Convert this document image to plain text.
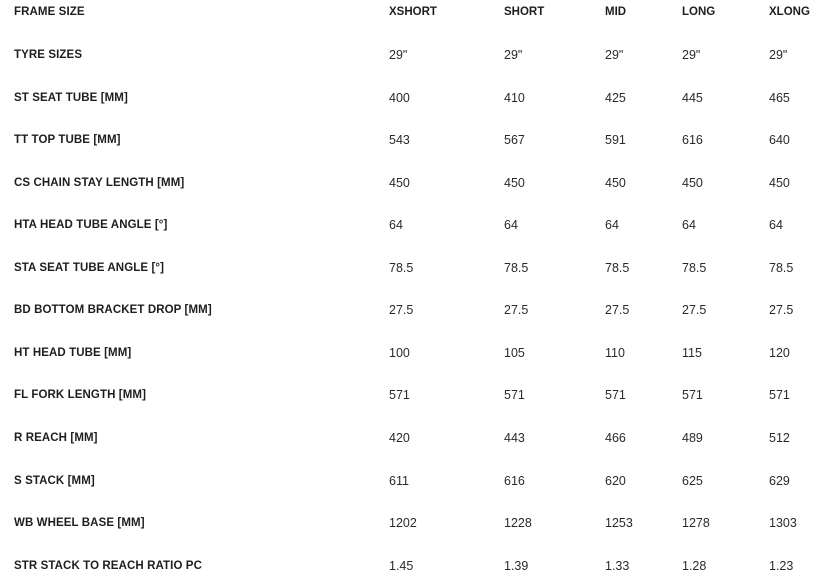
FRAME SIZE	XSHORT	SHORT	MID	LONG	XLONG
TYRE SIZES	29"	29"	29"	29"	29"
ST SEAT TUBE [MM]	400	410	425	445	465
TT TOP TUBE [MM]	543	567	591	616	640
CS CHAIN STAY LENGTH [MM]	450	450	450	450	450
HTA HEAD TUBE ANGLE [°]	64	64	64	64	64
STA SEAT TUBE ANGLE [°]	78.5	78.5	78.5	78.5	78.5
BD BOTTOM BRACKET DROP [MM]	27.5	27.5	27.5	27.5	27.5
HT HEAD TUBE [MM]	100	105	110	115	120
FL FORK LENGTH [MM]	571	571	571	571	571
R REACH [MM]	420	443	466	489	512
S STACK [MM]	611	616	620	625	629
WB WHEEL BASE [MM]	1202	1228	1253	1278	1303
STR STACK TO REACH RATIO PC	1.45	1.39	1.33	1.28	1.23
